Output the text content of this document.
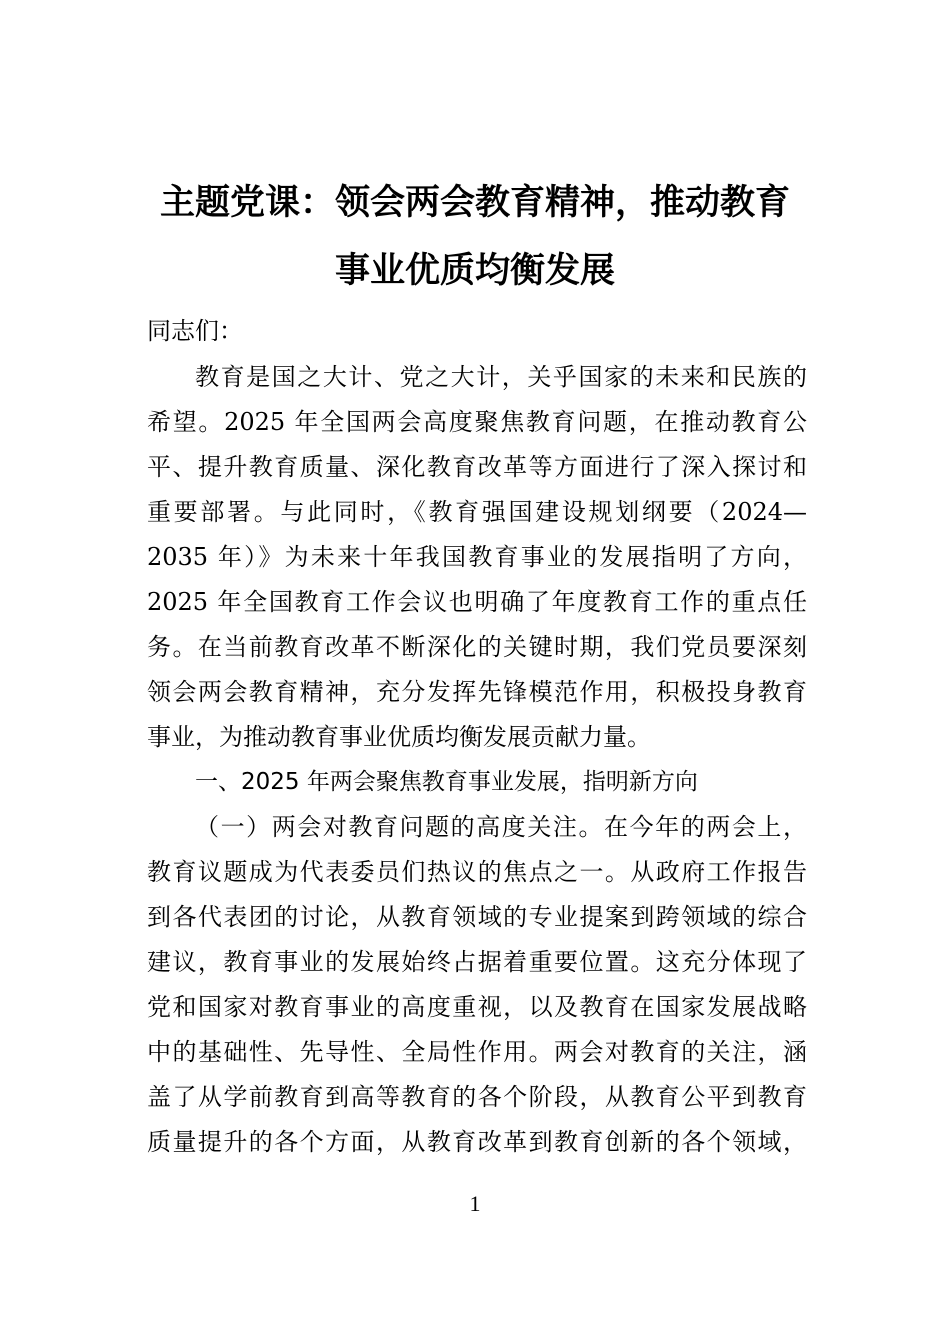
主题党课：领会两会教育精神，推动教育
事业优质均衡发展
同志们：
教育是国之大计、党之大计，关乎国家的未来和民族的
希望。2025 年全国两会高度聚焦教育问题，在推动教育公
平、提升教育质量、深化教育改革等方面进行了深入探讨和
重要部署。与此同时，《教育强国建设规划纲要（2024—
2035 年）》为未来十年我国教育事业的发展指明了方向，
2025 年全国教育工作会议也明确了年度教育工作的重点任
务。在当前教育改革不断深化的关键时期，我们党员要深刻
领会两会教育精神，充分发挥先锋模范作用，积极投身教育
事业，为推动教育事业优质均衡发展贡献力量。
一、2025 年两会聚焦教育事业发展，指明新方向
（一）两会对教育问题的高度关注。在今年的两会上，
教育议题成为代表委员们热议的焦点之一。从政府工作报告
到各代表团的讨论，从教育领域的专业提案到跨领域的综合
建议，教育事业的发展始终占据着重要位置。这充分体现了
党和国家对教育事业的高度重视，以及教育在国家发展战略
中的基础性、先导性、全局性作用。两会对教育的关注，涵
盖了从学前教育到高等教育的各个阶段，从教育公平到教育
质量提升的各个方面，从教育改革到教育创新的各个领域，
1
